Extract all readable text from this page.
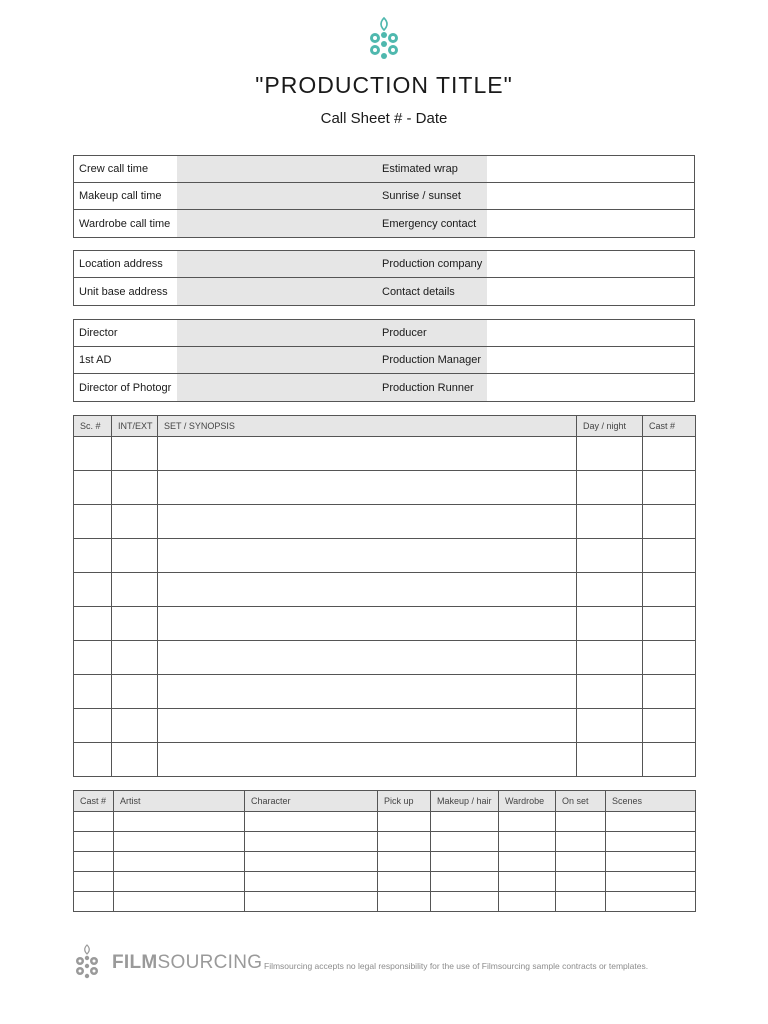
"PRODUCTION TITLE"
Call Sheet # - Date
Crew call time	Estimated wrap
Makeup call time	Sunrise / sunset
Wardrobe call time	Emergency contact
Location address	Production company
Unit base address	Contact details
Director	Producer
1st AD	Production Manager
Director of Photogr	Production Runner
Sc. #	INT/EXT	SET / SYNOPSIS	Day / night	Cast #

Cast #	Artist	Character	Pick up	Makeup / hair	Wardrobe	On set	Scenes

FILMSOURCING Filmsourcing accepts no legal responsibility for the use of Filmsourcing sample contracts or templates.
